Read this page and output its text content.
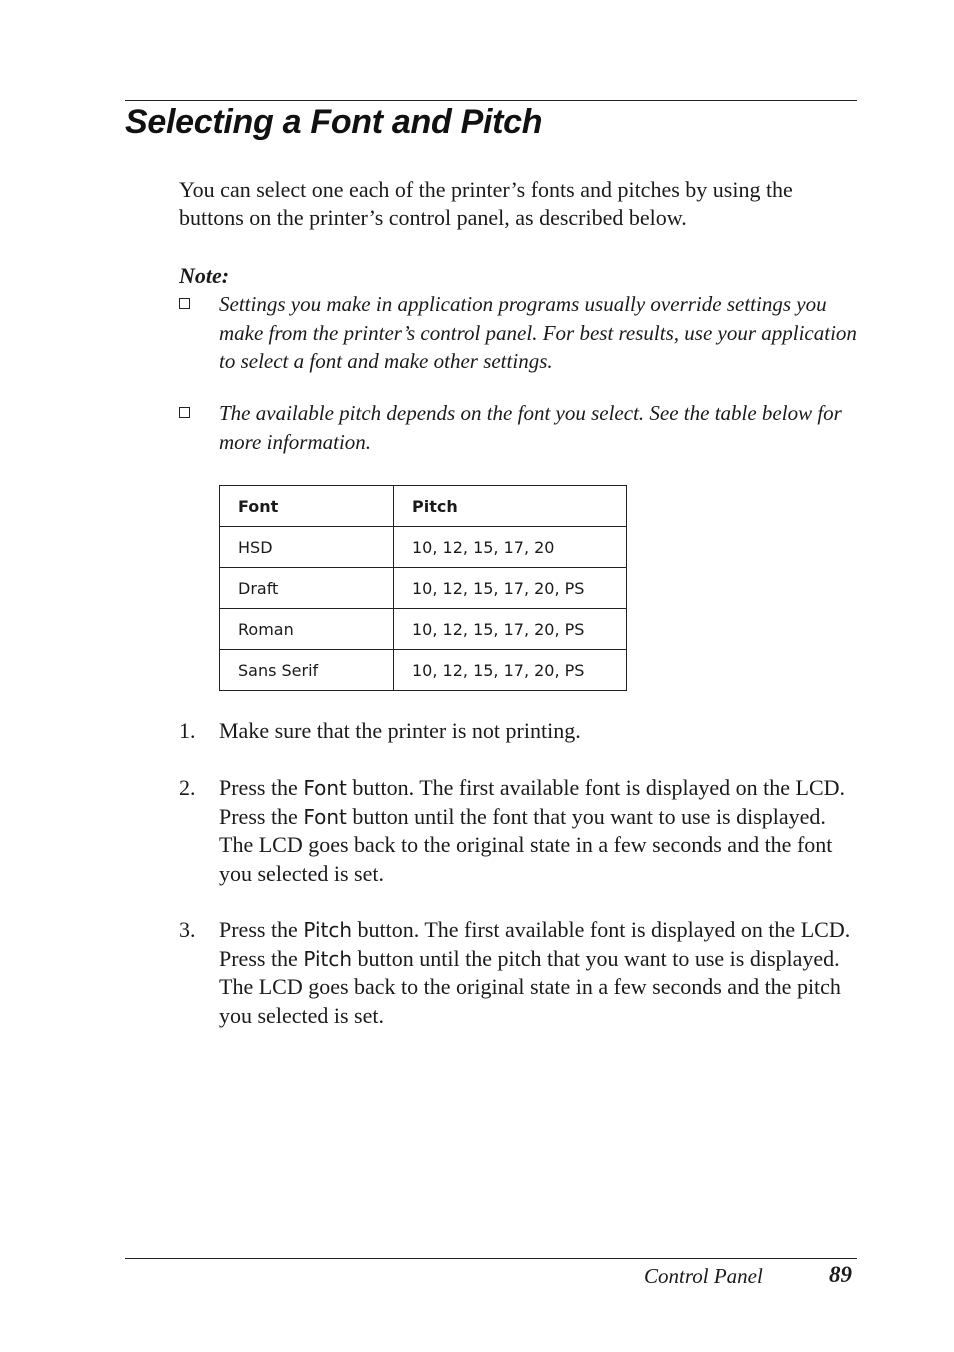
Selecting a Font and Pitch

You can select one each of the printer’s fonts and pitches by using the buttons on the printer’s control panel, as described below.

Note:

Settings you make in application programs usually override settings you make from the printer’s control panel. For best results, use your application to select a font and make other settings.
The available pitch depends on the font you select. See the table below for more information.
Font	Pitch
HSD	10, 12, 15, 17, 20
Draft	10, 12, 15, 17, 20, PS
Roman	10, 12, 15, 17, 20, PS
Sans Serif	10, 12, 15, 17, 20, PS
1. Make sure that the printer is not printing.
2. Press the Font button. The first available font is displayed on the LCD. Press the Font button until the font that you want to use is displayed. The LCD goes back to the original state in a few seconds and the font you selected is set.
3. Press the Pitch button. The first available font is displayed on the LCD. Press the Pitch button until the pitch that you want to use is displayed. The LCD goes back to the original state in a few seconds and the pitch you selected is set.
Control Panel	89
